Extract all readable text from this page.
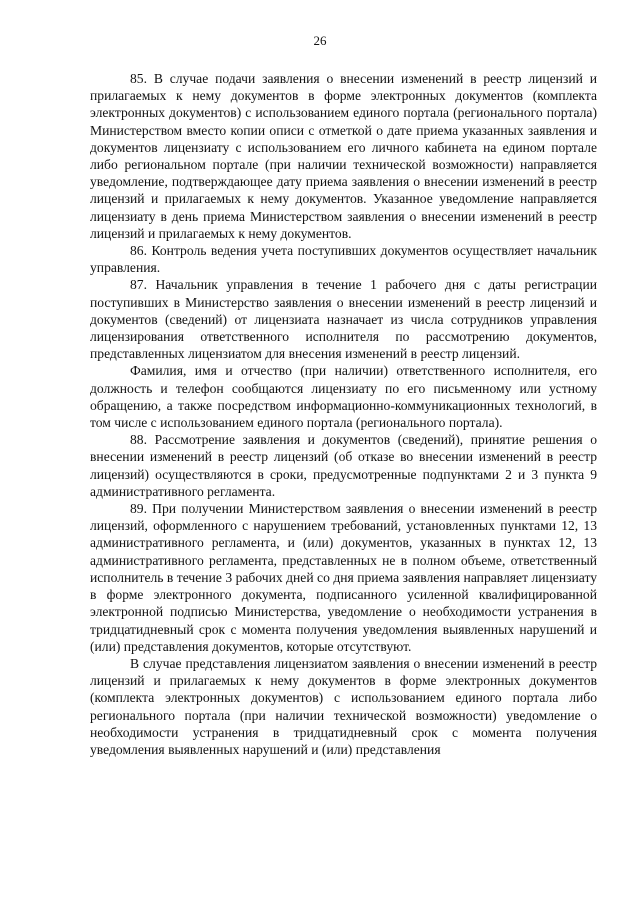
26

85. В случае подачи заявления о внесении изменений в реестр лицензий и прилагаемых к нему документов в форме электронных документов (комплекта электронных документов) с использованием единого портала (регионального портала) Министерством вместо копии описи с отметкой о дате приема указанных заявления и документов лицензиату с использованием его личного кабинета на едином портале либо региональном портале (при наличии технической возможности) направляется уведомление, подтверждающее дату приема заявления о внесении изменений в реестр лицензий и прилагаемых к нему документов. Указанное уведомление направляется лицензиату в день приема Министерством заявления о внесении изменений в реестр лицензий и прилагаемых к нему документов.

86. Контроль ведения учета поступивших документов осуществляет начальник управления.

87. Начальник управления в течение 1 рабочего дня с даты регистрации поступивших в Министерство заявления о внесении изменений в реестр лицензий и документов (сведений) от лицензиата назначает из числа сотрудников управления лицензирования ответственного исполнителя по рассмотрению документов, представленных лицензиатом для внесения изменений в реестр лицензий.

Фамилия, имя и отчество (при наличии) ответственного исполнителя, его должность и телефон сообщаются лицензиату по его письменному или устному обращению, а также посредством информационно-коммуникационных технологий, в том числе с использованием единого портала (регионального портала).

88. Рассмотрение заявления и документов (сведений), принятие решения о внесении изменений в реестр лицензий (об отказе во внесении изменений в реестр лицензий) осуществляются в сроки, предусмотренные подпунктами 2 и 3 пункта 9 административного регламента.

89. При получении Министерством заявления о внесении изменений в реестр лицензий, оформленного с нарушением требований, установленных пунктами 12, 13 административного регламента, и (или) документов, указанных в пунктах 12, 13 административного регламента, представленных не в полном объеме, ответственный исполнитель в течение 3 рабочих дней со дня приема заявления направляет лицензиату в форме электронного документа, подписанного усиленной квалифицированной электронной подписью Министерства, уведомление о необходимости устранения в тридцатидневный срок с момента получения уведомления выявленных нарушений и (или) представления документов, которые отсутствуют.

В случае представления лицензиатом заявления о внесении изменений в реестр лицензий и прилагаемых к нему документов в форме электронных документов (комплекта электронных документов) с использованием единого портала либо регионального портала (при наличии технической возможности) уведомление о необходимости устранения в тридцатидневный срок с момента получения уведомления выявленных нарушений и (или) представления
